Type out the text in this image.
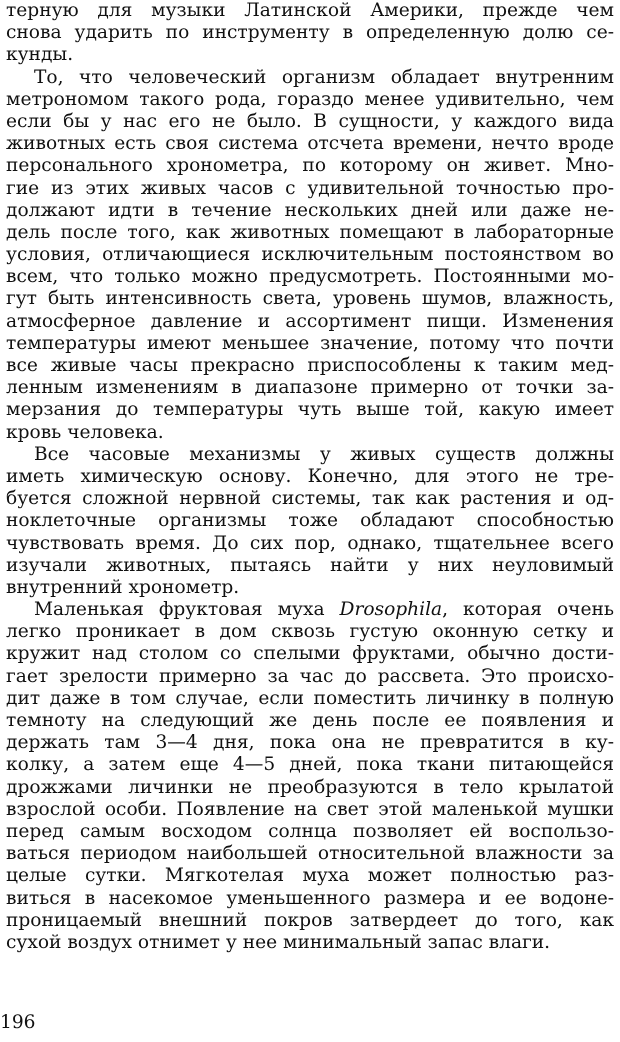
терную для музыки Латинской Америки, прежде чем
снова ударить по инструменту в определенную долю се-
кунды.
То, что человеческий организм обладает внутренним
метрономом такого рода, гораздо менее удивительно, чем
если бы у нас его не было. В сущности, у каждого вида
животных есть своя система отсчета времени, нечто вроде
персонального хронометра, по которому он живет. Мно-
гие из этих живых часов с удивительной точностью про-
должают идти в течение нескольких дней или даже не-
дель после того, как животных помещают в лабораторные
условия, отличающиеся исключительным постоянством во
всем, что только можно предусмотреть. Постоянными мо-
гут быть интенсивность света, уровень шумов, влажность,
атмосферное давление и ассортимент пищи. Изменения
температуры имеют меньшее значение, потому что почти
все живые часы прекрасно приспособлены к таким мед-
ленным изменениям в диапазоне примерно от точки за-
мерзания до температуры чуть выше той, какую имеет
кровь человека.
Все часовые механизмы у живых существ должны
иметь химическую основу. Конечно, для этого не тре-
буется сложной нервной системы, так как растения и од-
ноклеточные организмы тоже обладают способностью
чувствовать время. До сих пор, однако, тщательнее всего
изучали животных, пытаясь найти у них неуловимый
внутренний хронометр.
Маленькая фруктовая муха Drosophila, которая очень
легко проникает в дом сквозь густую оконную сетку и
кружит над столом со спелыми фруктами, обычно дости-
гает зрелости примерно за час до рассвета. Это происхо-
дит даже в том случае, если поместить личинку в полную
темноту на следующий же день после ее появления и
держать там 3—4 дня, пока она не превратится в ку-
колку, а затем еще 4—5 дней, пока ткани питающейся
дрожжами личинки не преобразуются в тело крылатой
взрослой особи. Появление на свет этой маленькой мушки
перед самым восходом солнца позволяет ей воспользо-
ваться периодом наибольшей относительной влажности за
целые сутки. Мягкотелая муха может полностью раз-
виться в насекомое уменьшенного размера и ее водоне-
проницаемый внешний покров затвердеет до того, как
сухой воздух отнимет у нее минимальный запас влаги.
196
